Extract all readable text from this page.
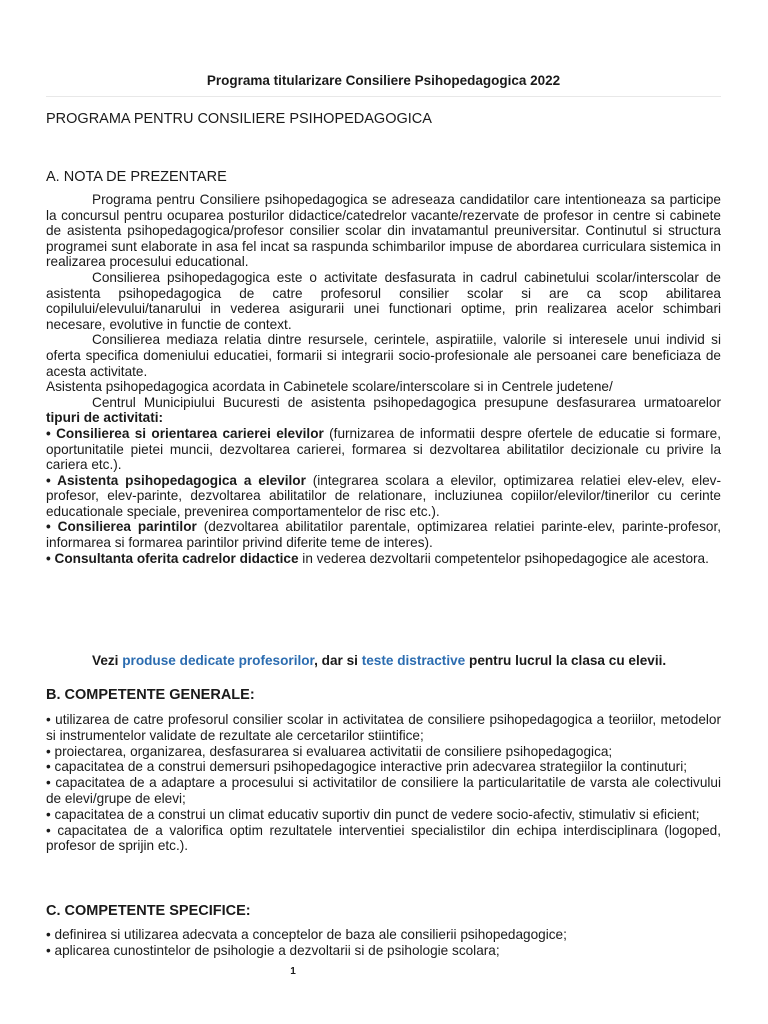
Programa titularizare Consiliere Psihopedagogica 2022
PROGRAMA PENTRU CONSILIERE PSIHOPEDAGOGICA
A. NOTA DE PREZENTARE

Programa pentru Consiliere psihopedagogica se adreseaza candidatilor care intentioneaza sa participe la concursul pentru ocuparea posturilor didactice/catedrelor vacante/rezervate de profesor in centre si cabinete de asistenta psihopedagogica/profesor consilier scolar din invatamantul preuniversitar. Continutul si structura programei sunt elaborate in asa fel incat sa raspunda schimbarilor impuse de abordarea curriculara sistemica in realizarea procesului educational.

Consilierea psihopedagogica este o activitate desfasurata in cadrul cabinetului scolar/interscolar de asistenta psihopedagogica de catre profesorul consilier scolar si are ca scop abilitarea copilului/elevului/tanarului in vederea asigurarii unei functionari optime, prin realizarea acelor schimbari necesare, evolutive in functie de context.

Consilierea mediaza relatia dintre resursele, cerintele, aspiratiile, valorile si interesele unui individ si oferta specifica domeniului educatiei, formarii si integrarii socio-profesionale ale persoanei care beneficiaza de acesta activitate.

Asistenta psihopedagogica acordata in Cabinetele scolare/interscolare si in Centrele judetene/

Centrul Municipiului Bucuresti de asistenta psihopedagogica presupune desfasurarea urmatoarelor tipuri de activitati:

• Consilierea si orientarea carierei elevilor (furnizarea de informatii despre ofertele de educatie si formare, oportunitatile pietei muncii, dezvoltarea carierei, formarea si dezvoltarea abilitatilor decizionale cu privire la cariera etc.).

• Asistenta psihopedagogica a elevilor (integrarea scolara a elevilor, optimizarea relatiei elev-elev, elev-profesor, elev-parinte, dezvoltarea abilitatilor de relationare, incluziunea copiilor/elevilor/tinerilor cu cerinte educationale speciale, prevenirea comportamentelor de risc etc.).

• Consilierea parintilor (dezvoltarea abilitatilor parentale, optimizarea relatiei parinte-elev, parinte-profesor, informarea si formarea parintilor privind diferite teme de interes).

• Consultanta oferita cadrelor didactice in vederea dezvoltarii competentelor psihopedagogice ale acestora.

Vezi produse dedicate profesorilor, dar si teste distractive pentru lucrul la clasa cu elevii.
B. COMPETENTE GENERALE:

• utilizarea de catre profesorul consilier scolar in activitatea de consiliere psihopedagogica a teoriilor, metodelor si instrumentelor validate de rezultate ale cercetarilor stiintifice;

• proiectarea, organizarea, desfasurarea si evaluarea activitatii de consiliere psihopedagogica;

• capacitatea de a construi demersuri psihopedagogice interactive prin adecvarea strategiilor la continuturi;

• capacitatea de a adaptare a procesului si activitatilor de consiliere la particularitatile de varsta ale colectivului de elevi/grupe de elevi;

• capacitatea de a construi un climat educativ suportiv din punct de vedere socio-afectiv, stimulativ si eficient;

• capacitatea de a valorifica optim rezultatele interventiei specialistilor din echipa interdisciplinara (logoped, profesor de sprijin etc.).

C. COMPETENTE SPECIFICE:

• definirea si utilizarea adecvata a conceptelor de baza ale consilierii psihopedagogice;

• aplicarea cunostintelor de psihologie a dezvoltarii si de psihologie scolara;

1
